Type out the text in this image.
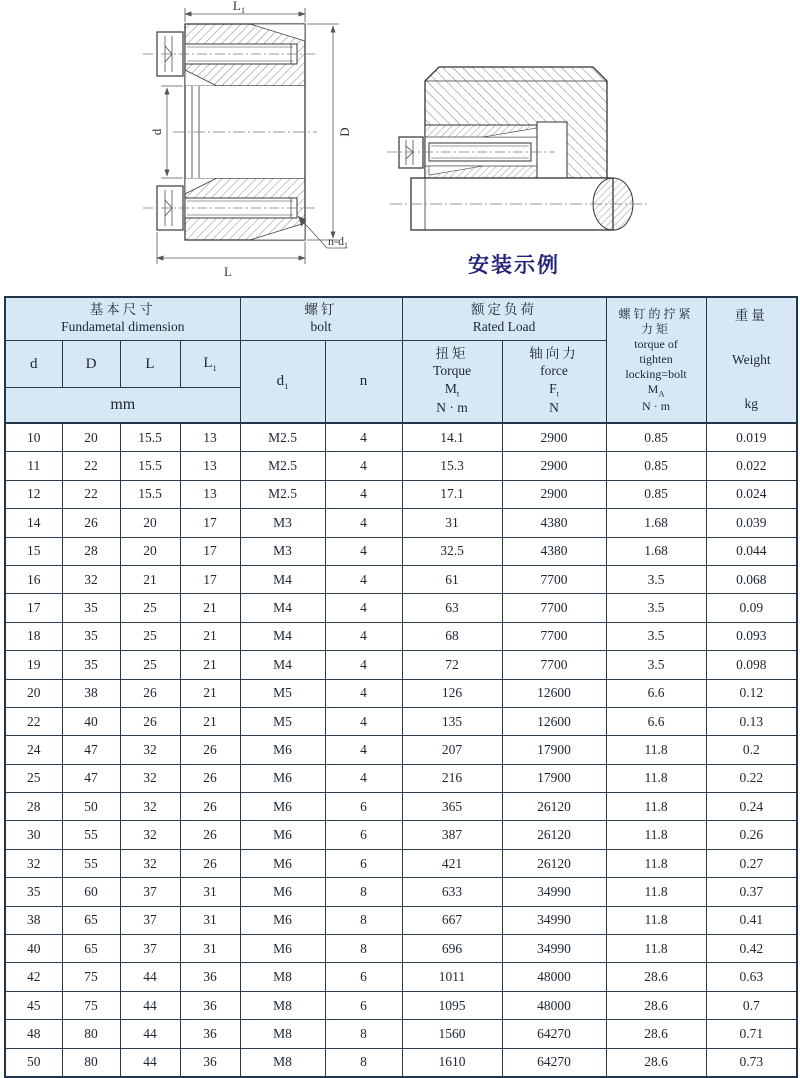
$L_1$
L
d	D
$n-d_1$
安装示例
基本尺寸
Fundametal dimension

螺钉
bolt

额定负荷
Rated Load

螺钉的拧紧
力矩
torque of
tighten
locking=bolt
$M_A$
N · m

重量
Weight
kg

d	D	L	$L_1$	$d_1$	n	
扭矩
Torque
$M_t$
N · m

轴向力
force
$F_t$
N

mm									
10	20	15.5	13	M2.5	4	14.1	2900	0.85	0.019
11	22	15.5	13	M2.5	4	15.3	2900	0.85	0.022
12	22	15.5	13	M2.5	4	17.1	2900	0.85	0.024
14	26	20	17	M3	4	31	4380	1.68	0.039
15	28	20	17	M3	4	32.5	4380	1.68	0.044
16	32	21	17	M4	4	61	7700	3.5	0.068
17	35	25	21	M4	4	63	7700	3.5	0.09
18	35	25	21	M4	4	68	7700	3.5	0.093
19	35	25	21	M4	4	72	7700	3.5	0.098
20	38	26	21	M5	4	126	12600	6.6	0.12
22	40	26	21	M5	4	135	12600	6.6	0.13
24	47	32	26	M6	4	207	17900	11.8	0.2
25	47	32	26	M6	4	216	17900	11.8	0.22
28	50	32	26	M6	6	365	26120	11.8	0.24
30	55	32	26	M6	6	387	26120	11.8	0.26
32	55	32	26	M6	6	421	26120	11.8	0.27
35	60	37	31	M6	8	633	34990	11.8	0.37
38	65	37	31	M6	8	667	34990	11.8	0.41
40	65	37	31	M6	8	696	34990	11.8	0.42
42	75	44	36	M8	6	1011	48000	28.6	0.63
45	75	44	36	M8	6	1095	48000	28.6	0.7
48	80	44	36	M8	8	1560	64270	28.6	0.71
50	80	44	36	M8	8	1610	64270	28.6	0.73
